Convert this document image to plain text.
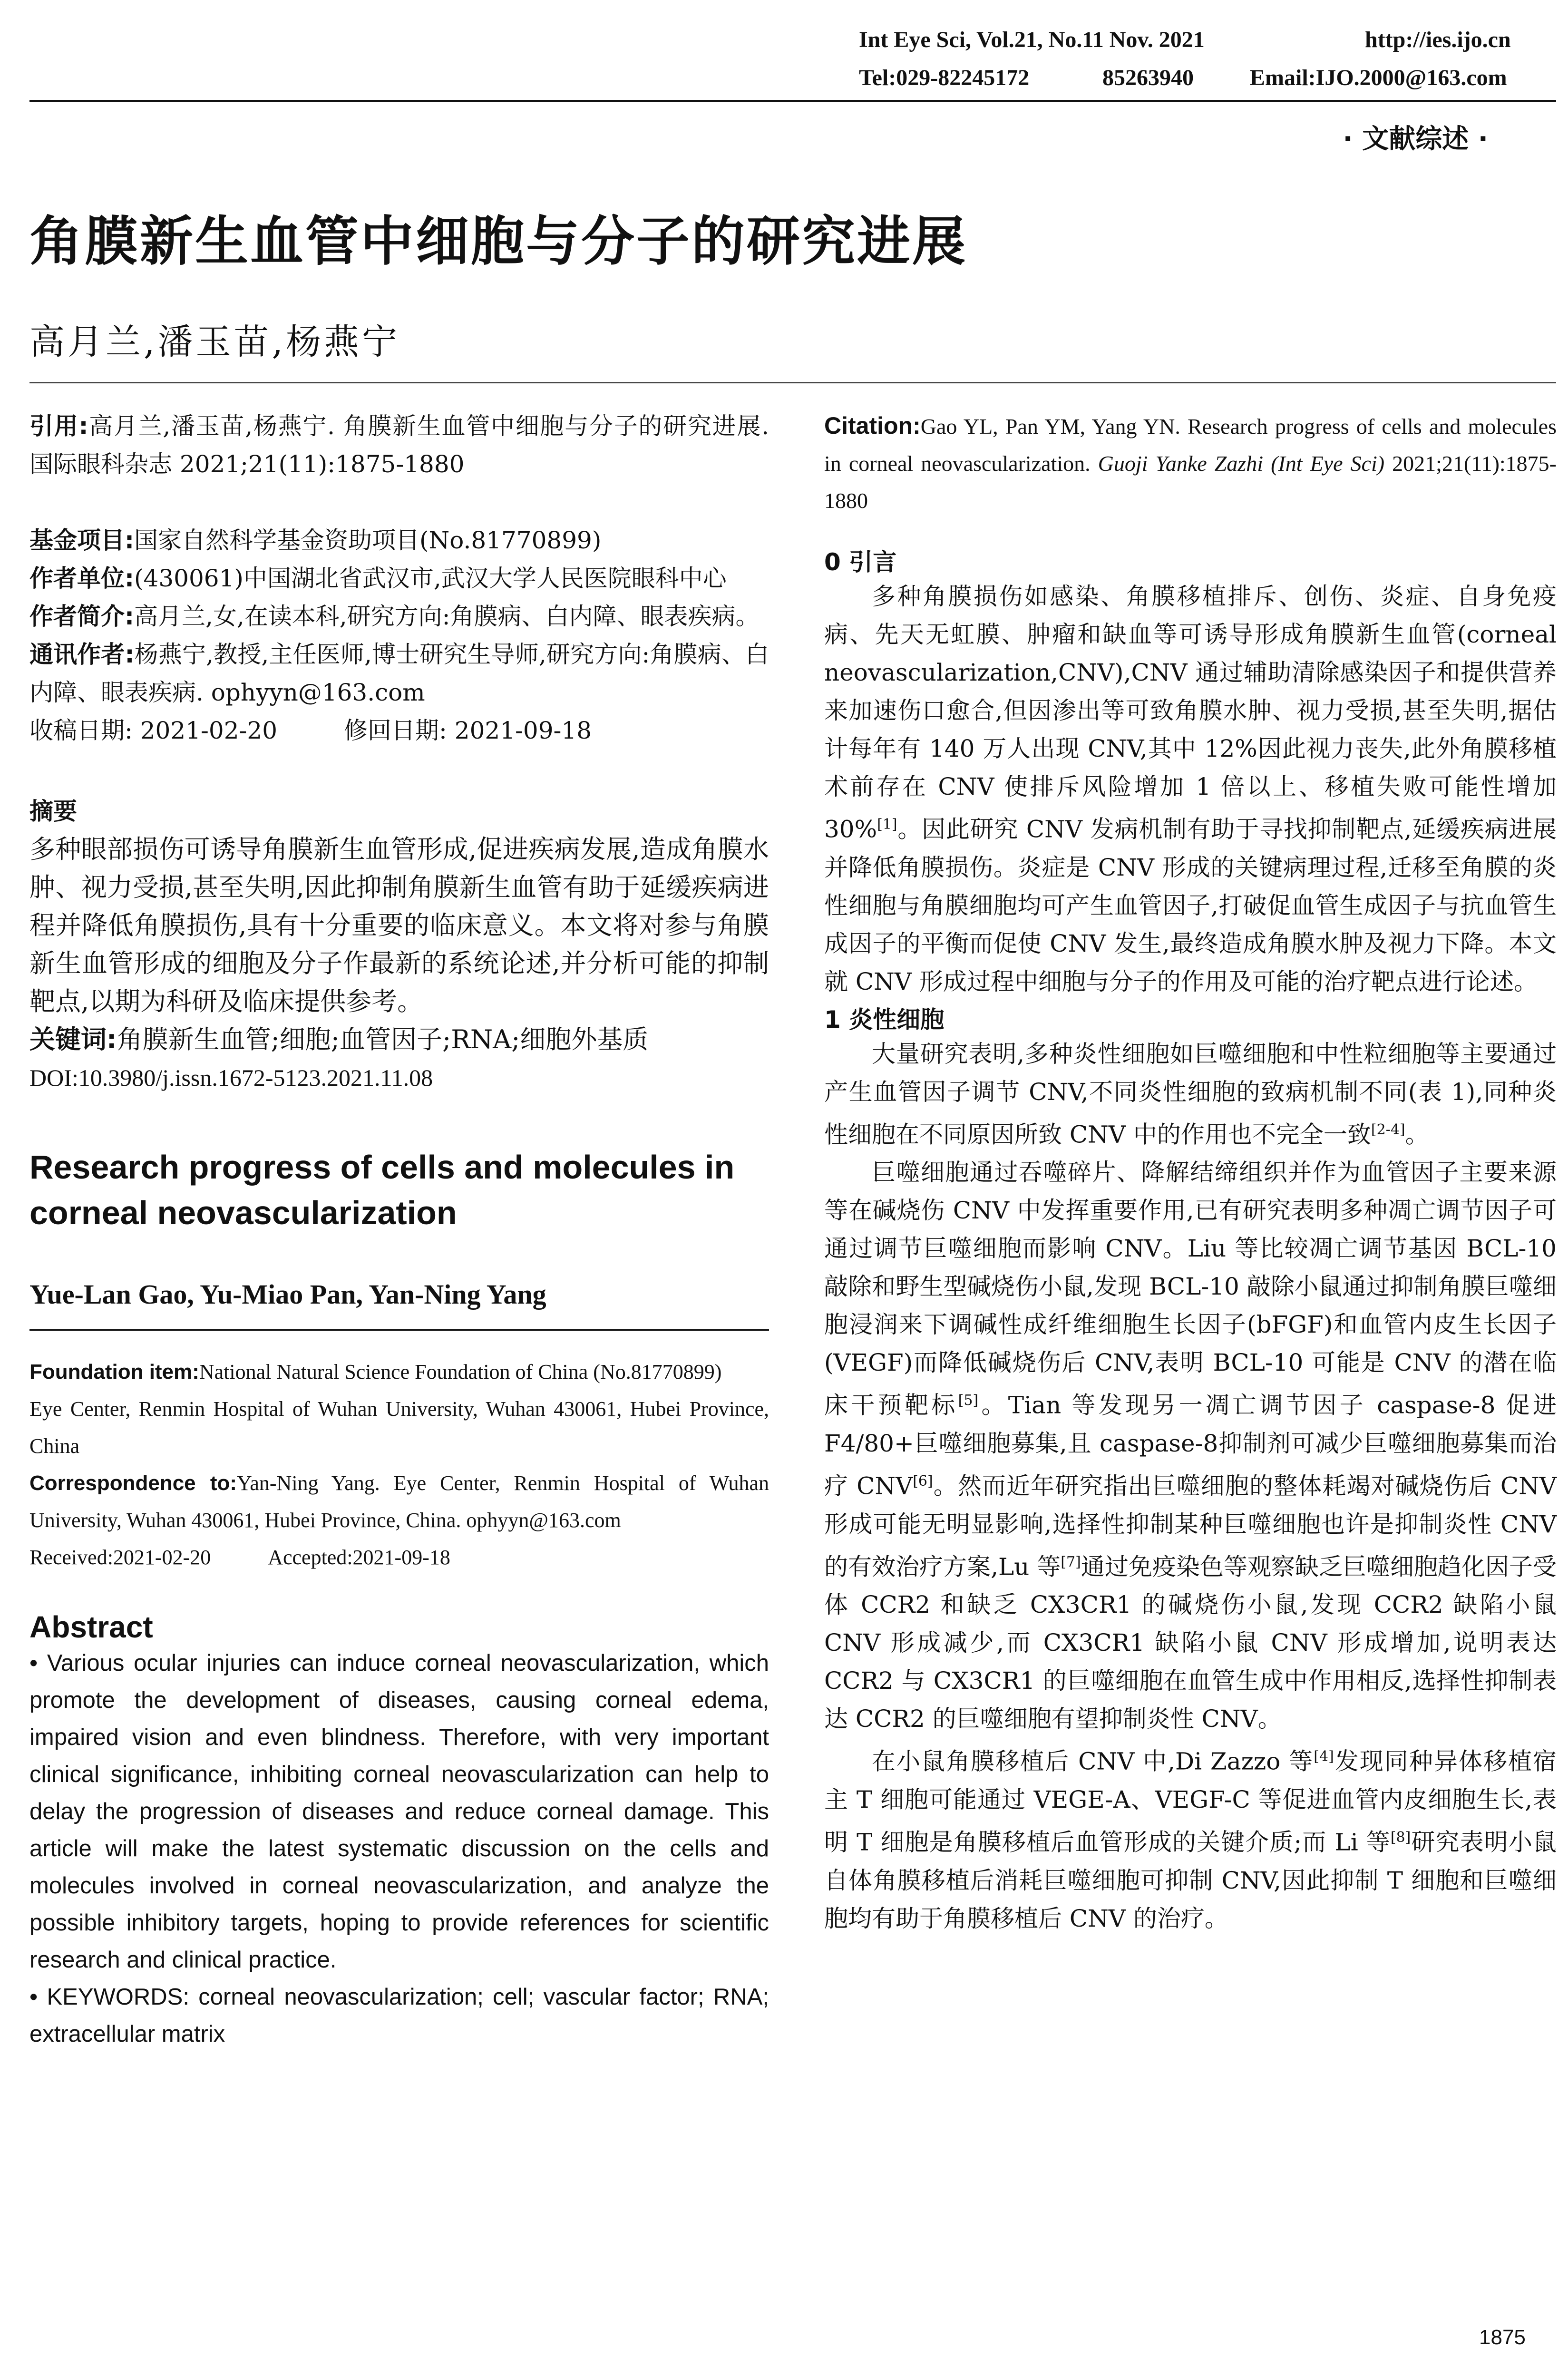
Int Eye Sci, Vol.21, No.11 Nov. 2021	http://ies.ijo.cn
Tel:029-82245172	85263940 Email:IJO.2000@163.com
· 文献综述 ·
角膜新生血管中细胞与分子的研究进展
高月兰,潘玉苗,杨燕宁

引用:高月兰,潘玉苗,杨燕宁. 角膜新生血管中细胞与分子的研究进展. 国际眼科杂志 2021;21(11):1875-1880

基金项目:国家自然科学基金资助项目(No.81770899)

作者单位:(430061)中国湖北省武汉市,武汉大学人民医院眼科中心

作者简介:高月兰,女,在读本科,研究方向:角膜病、白内障、眼表疾病。

通讯作者:杨燕宁,教授,主任医师,博士研究生导师,研究方向:角膜病、白内障、眼表疾病. ophyyn@163.com

收稿日期: 2021-02-20	修回日期: 2021-09-18

摘要

多种眼部损伤可诱导角膜新生血管形成,促进疾病发展,造成角膜水肿、视力受损,甚至失明,因此抑制角膜新生血管有助于延缓疾病进程并降低角膜损伤,具有十分重要的临床意义。本文将对参与角膜新生血管形成的细胞及分子作最新的系统论述,并分析可能的抑制靶点,以期为科研及临床提供参考。

关键词:角膜新生血管;细胞;血管因子;RNA;细胞外基质

DOI:10.3980/j.issn.1672-5123.2021.11.08

Research progress of cells and molecules in corneal neovascularization

Yue-Lan Gao, Yu-Miao Pan, Yan-Ning Yang

Foundation item:National Natural Science Foundation of China (No.81770899)

Eye Center, Renmin Hospital of Wuhan University, Wuhan 430061, Hubei Province, China

Correspondence to:Yan-Ning Yang. Eye Center, Renmin Hospital of Wuhan University, Wuhan 430061, Hubei Province, China. ophyyn@163.com

Received:2021-02-20	Accepted:2021-09-18

Abstract

• Various ocular injuries can induce corneal neovascularization, which promote the development of diseases, causing corneal edema, impaired vision and even blindness. Therefore, with very important clinical significance, inhibiting corneal neovascularization can help to delay the progression of diseases and reduce corneal damage. This article will make the latest systematic discussion on the cells and molecules involved in corneal neovascularization, and analyze the possible inhibitory targets, hoping to provide references for scientific research and clinical practice.

• KEYWORDS: corneal neovascularization; cell; vascular factor; RNA; extracellular matrix

Citation:Gao YL, Pan YM, Yang YN. Research progress of cells and molecules in corneal neovascularization. Guoji Yanke Zazhi (Int Eye Sci) 2021;21(11):1875-1880

0 引言

多种角膜损伤如感染、角膜移植排斥、创伤、炎症、自身免疫病、先天无虹膜、肿瘤和缺血等可诱导形成角膜新生血管(corneal neovascularization,CNV),CNV 通过辅助清除感染因子和提供营养来加速伤口愈合,但因渗出等可致角膜水肿、视力受损,甚至失明,据估计每年有 140 万人出现 CNV,其中 12%因此视力丧失,此外角膜移植术前存在 CNV 使排斥风险增加 1 倍以上、移植失败可能性增加 30%[1]。因此研究 CNV 发病机制有助于寻找抑制靶点,延缓疾病进展并降低角膜损伤。炎症是 CNV 形成的关键病理过程,迁移至角膜的炎性细胞与角膜细胞均可产生血管因子,打破促血管生成因子与抗血管生成因子的平衡而促使 CNV 发生,最终造成角膜水肿及视力下降。本文就 CNV 形成过程中细胞与分子的作用及可能的治疗靶点进行论述。

1 炎性细胞

大量研究表明,多种炎性细胞如巨噬细胞和中性粒细胞等主要通过产生血管因子调节 CNV,不同炎性细胞的致病机制不同(表 1),同种炎性细胞在不同原因所致 CNV 中的作用也不完全一致[2-4]。

巨噬细胞通过吞噬碎片、降解结缔组织并作为血管因子主要来源等在碱烧伤 CNV 中发挥重要作用,已有研究表明多种凋亡调节因子可通过调节巨噬细胞而影响 CNV。Liu 等比较凋亡调节基因 BCL-10 敲除和野生型碱烧伤小鼠,发现 BCL-10 敲除小鼠通过抑制角膜巨噬细胞浸润来下调碱性成纤维细胞生长因子(bFGF)和血管内皮生长因子(VEGF)而降低碱烧伤后 CNV,表明 BCL-10 可能是 CNV 的潜在临床干预靶标[5]。Tian 等发现另一凋亡调节因子 caspase-8 促进 F4/80+巨噬细胞募集,且 caspase-8抑制剂可减少巨噬细胞募集而治疗 CNV[6]。然而近年研究指出巨噬细胞的整体耗竭对碱烧伤后 CNV 形成可能无明显影响,选择性抑制某种巨噬细胞也许是抑制炎性 CNV 的有效治疗方案,Lu 等[7]通过免疫染色等观察缺乏巨噬细胞趋化因子受体 CCR2 和缺乏 CX3CR1 的碱烧伤小鼠,发现 CCR2 缺陷小鼠 CNV 形成减少,而 CX3CR1 缺陷小鼠 CNV 形成增加,说明表达 CCR2 与 CX3CR1 的巨噬细胞在血管生成中作用相反,选择性抑制表达 CCR2 的巨噬细胞有望抑制炎性 CNV。

在小鼠角膜移植后 CNV 中,Di Zazzo 等[4]发现同种异体移植宿主 T 细胞可能通过 VEGE-A、VEGF-C 等促进血管内皮细胞生长,表明 T 细胞是角膜移植后血管形成的关键介质;而 Li 等[8]研究表明小鼠自体角膜移植后消耗巨噬细胞可抑制 CNV,因此抑制 T 细胞和巨噬细胞均有助于角膜移植后 CNV 的治疗。

1875
